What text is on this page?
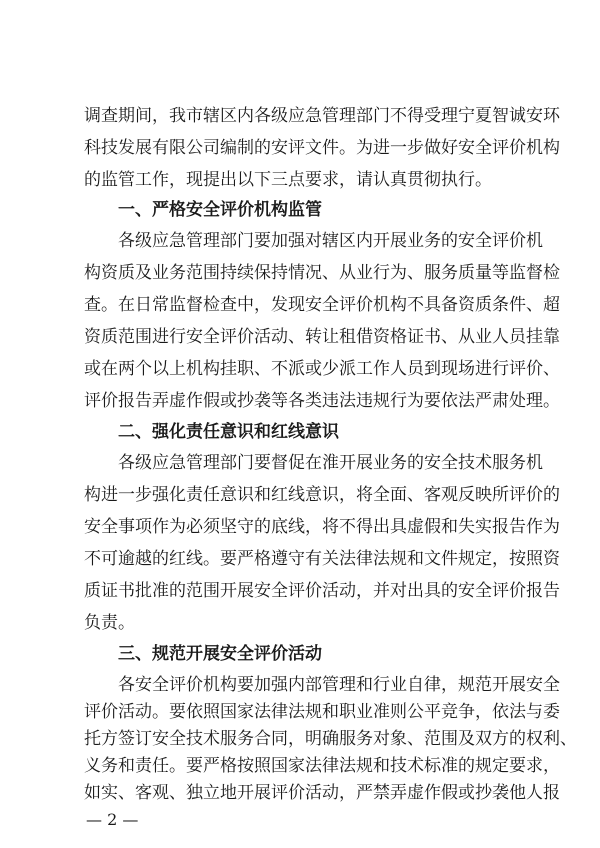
调查期间，我市辖区内各级应急管理部门不得受理宁夏智诚安环
科技发展有限公司编制的安评文件。为进一步做好安全评价机构
的监管工作，现提出以下三点要求，请认真贯彻执行。
一、严格安全评价机构监管
各级应急管理部门要加强对辖区内开展业务的安全评价机
构资质及业务范围持续保持情况、从业行为、服务质量等监督检
查。在日常监督检查中，发现安全评价机构不具备资质条件、超
资质范围进行安全评价活动、转让租借资格证书、从业人员挂靠
或在两个以上机构挂职、不派或少派工作人员到现场进行评价、
评价报告弄虚作假或抄袭等各类违法违规行为要依法严肃处理。
二、强化责任意识和红线意识
各级应急管理部门要督促在淮开展业务的安全技术服务机
构进一步强化责任意识和红线意识，将全面、客观反映所评价的
安全事项作为必须坚守的底线，将不得出具虚假和失实报告作为
不可逾越的红线。要严格遵守有关法律法规和文件规定，按照资
质证书批准的范围开展安全评价活动，并对出具的安全评价报告
负责。
三、规范开展安全评价活动
各安全评价机构要加强内部管理和行业自律，规范开展安全
评价活动。要依照国家法律法规和职业准则公平竞争，依法与委
托方签订安全技术服务合同，明确服务对象、范围及双方的权利、
— 2 —
义务和责任。要严格按照国家法律法规和技术标准的规定要求，
如实、客观、独立地开展评价活动，严禁弄虚作假或抄袭他人报
